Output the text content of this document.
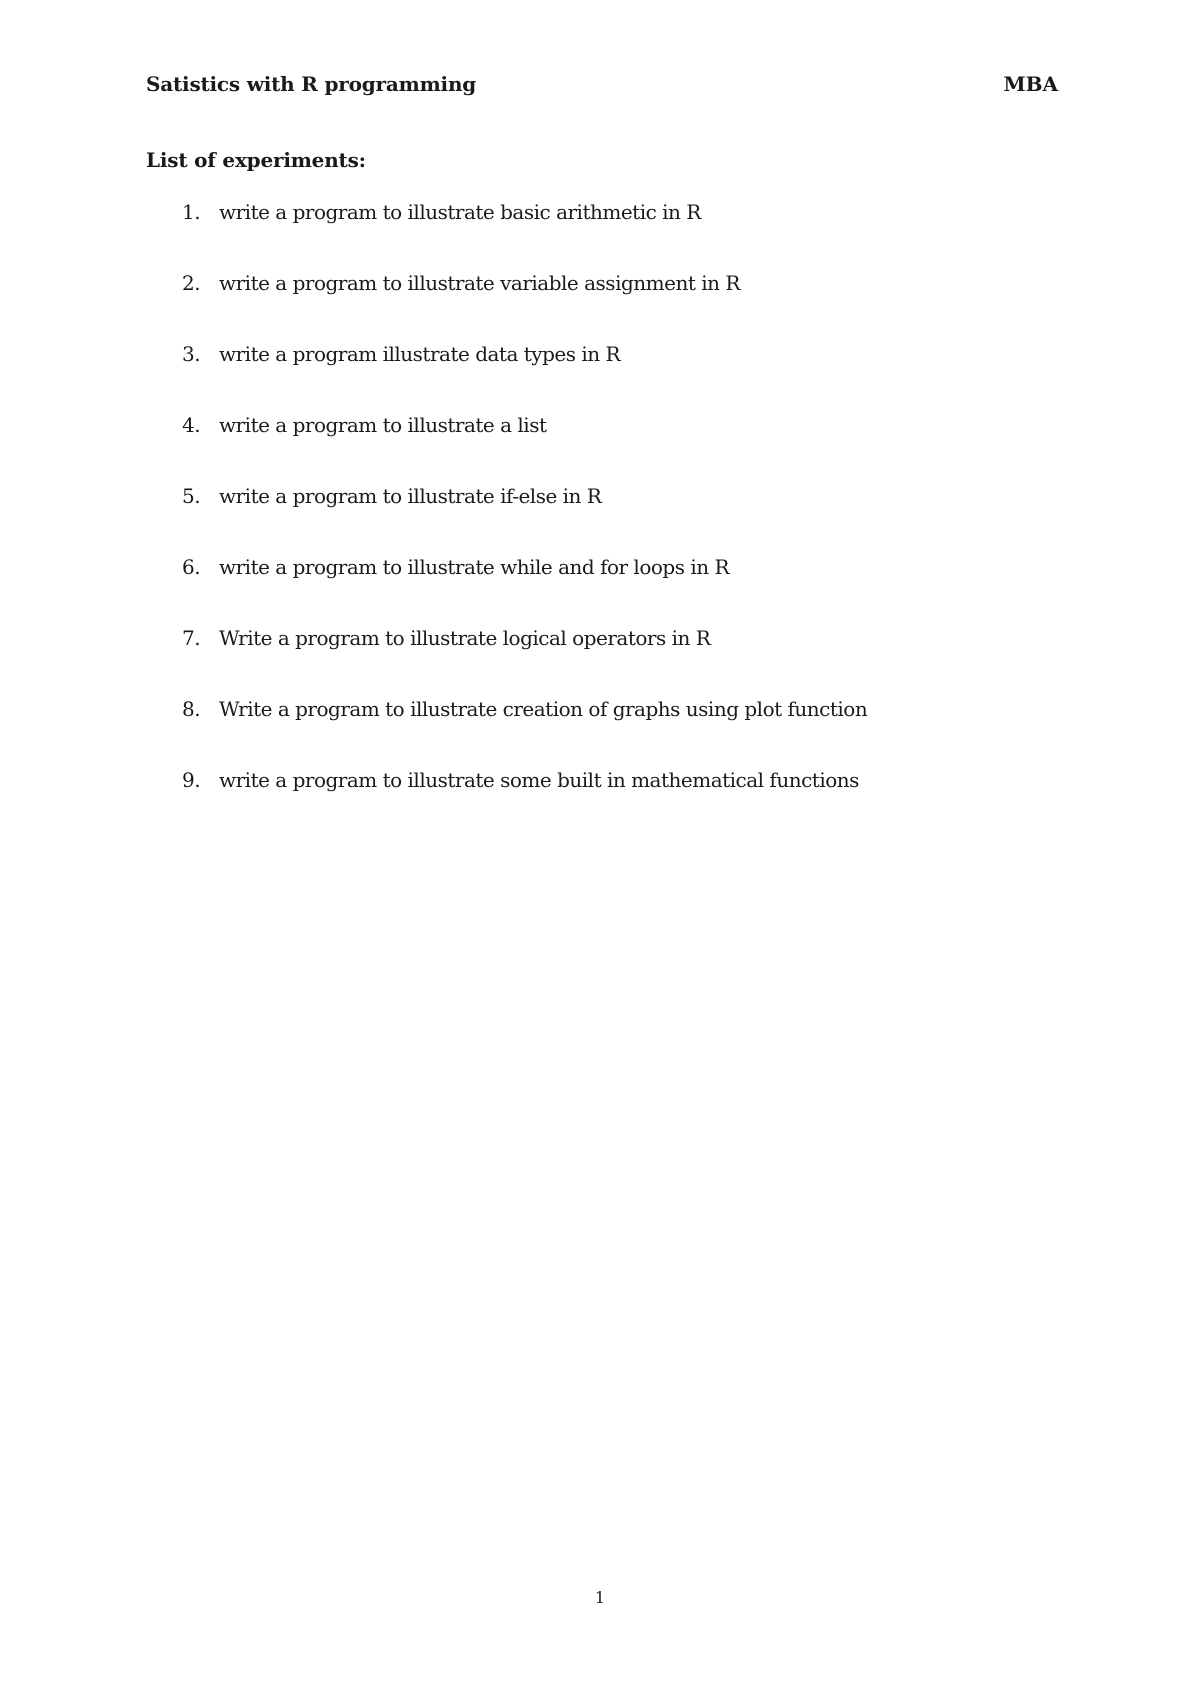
Satistics with R programming	MBA
List of experiments:
1. write a program to illustrate basic arithmetic in R
2. write a program to illustrate variable assignment in R
3. write a program illustrate data types in R
4. write a program to illustrate a list
5. write a program to illustrate if-else in R
6. write a program to illustrate while and for loops in R
7. Write a program to illustrate logical operators in R
8. Write a program to illustrate creation of graphs using plot function
9. write a program to illustrate some built in mathematical functions
1
